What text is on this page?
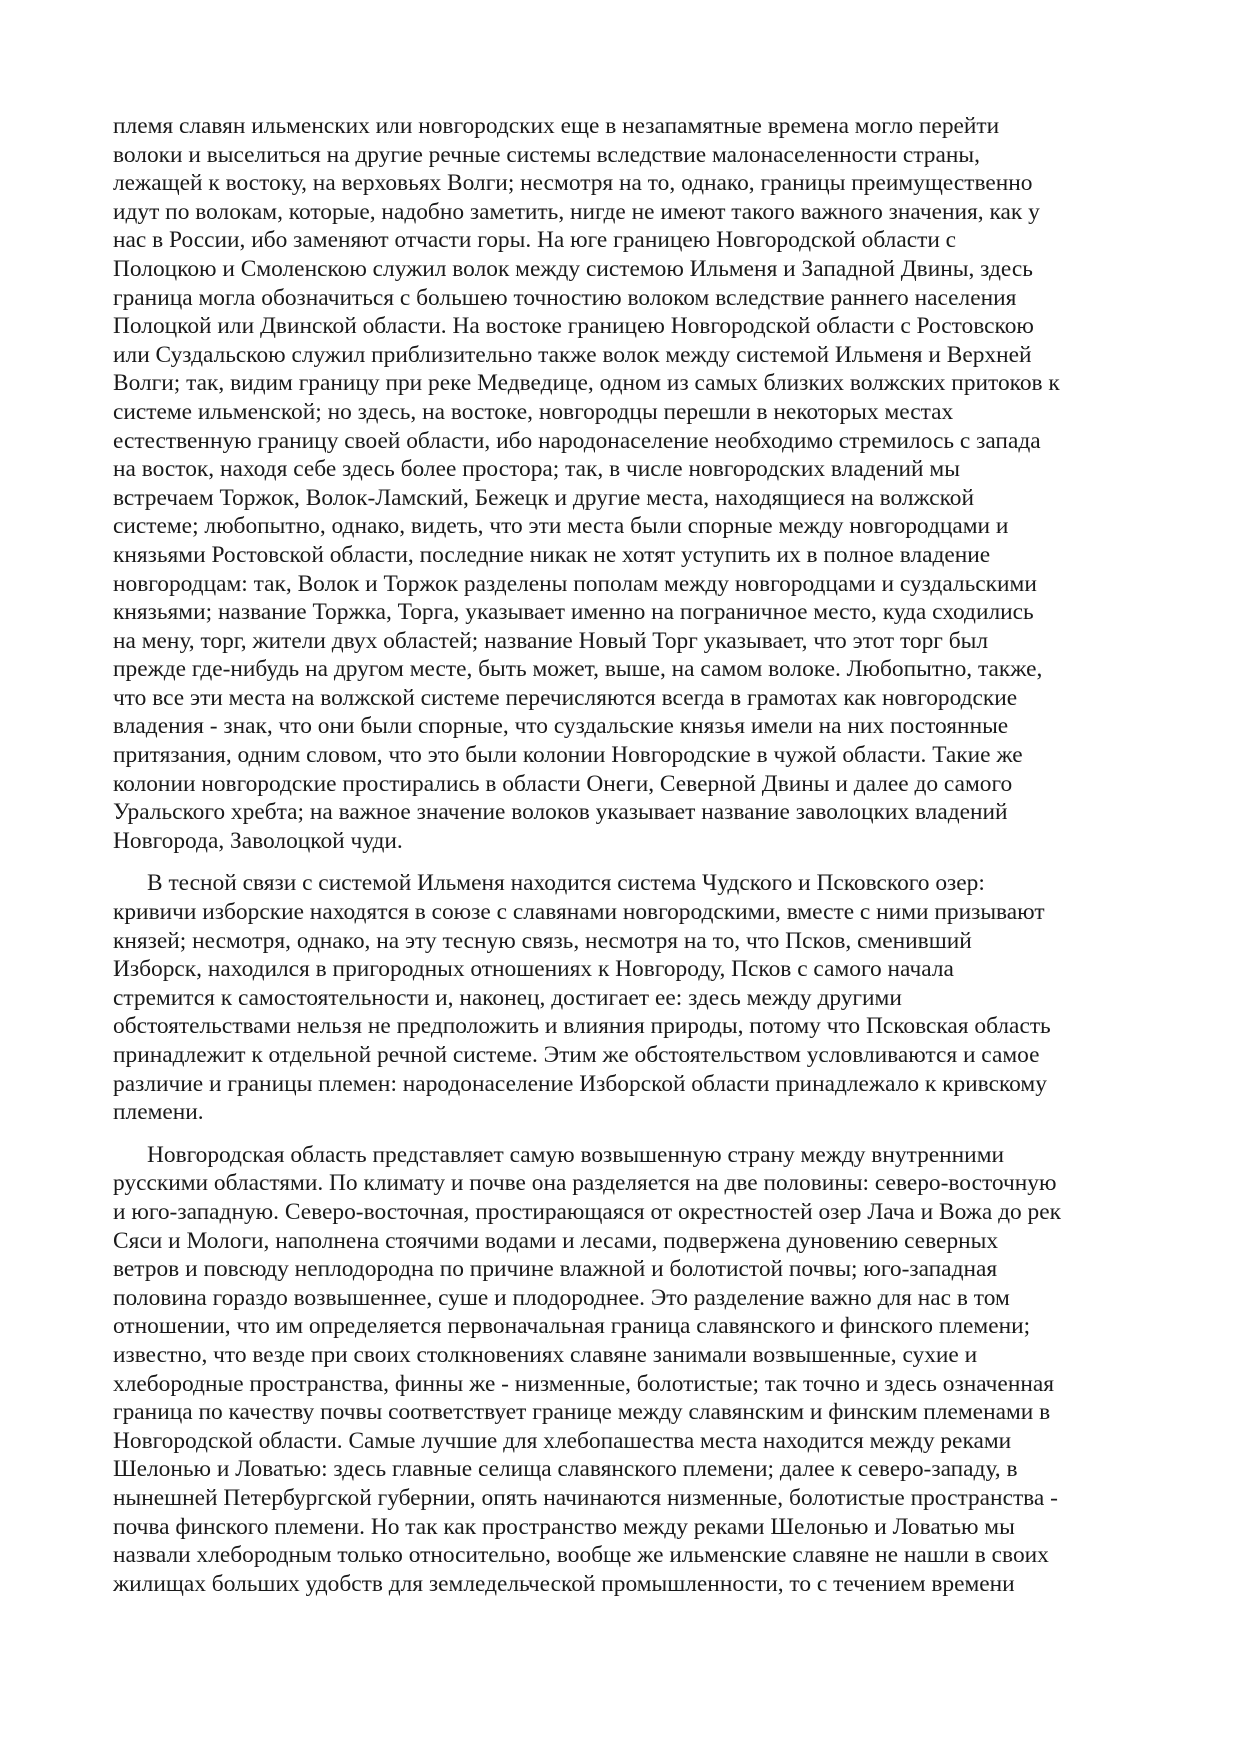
племя славян ильменских или новгородских еще в незапамятные времена могло перейти
волоки и выселиться на другие речные системы вследствие малонаселенности страны,
лежащей к востоку, на верховьях Волги; несмотря на то, однако, границы преимущественно
идут по волокам, которые, надобно заметить, нигде не имеют такого важного значения, как у
нас в России, ибо заменяют отчасти горы. На юге границею Новгородской области с
Полоцкою и Смоленскою служил волок между системою Ильменя и Западной Двины, здесь
граница могла обозначиться с большею точностию волоком вследствие раннего населения
Полоцкой или Двинской области. На востоке границею Новгородской области с Ростовскою
или Суздальскою служил приблизительно также волок между системой Ильменя и Верхней
Волги; так, видим границу при реке Медведице, одном из самых близких волжских притоков к
системе ильменской; но здесь, на востоке, новгородцы перешли в некоторых местах
естественную границу своей области, ибо народонаселение необходимо стремилось с запада
на восток, находя себе здесь более простора; так, в числе новгородских владений мы
встречаем Торжок, Волок-Ламский, Бежецк и другие места, находящиеся на волжской
системе; любопытно, однако, видеть, что эти места были спорные между новгородцами и
князьями Ростовской области, последние никак не хотят уступить их в полное владение
новгородцам: так, Волок и Торжок разделены пополам между новгородцами и суздальскими
князьями; название Торжка, Торга, указывает именно на пограничное место, куда сходились
на мену, торг, жители двух областей; название Новый Торг указывает, что этот торг был
прежде где-нибудь на другом месте, быть может, выше, на самом волоке. Любопытно, также,
что все эти места на волжской системе перечисляются всегда в грамотах как новгородские
владения - знак, что они были спорные, что суздальские князья имели на них постоянные
притязания, одним словом, что это были колонии Новгородские в чужой области. Такие же
колонии новгородские простирались в области Онеги, Северной Двины и далее до самого
Уральского хребта; на важное значение волоков указывает название заволоцких владений
Новгорода, Заволоцкой чуди.
В тесной связи с системой Ильменя находится система Чудского и Псковского озер:
кривичи изборские находятся в союзе с славянами новгородскими, вместе с ними призывают
князей; несмотря, однако, на эту тесную связь, несмотря на то, что Псков, сменивший
Изборск, находился в пригородных отношениях к Новгороду, Псков с самого начала
стремится к самостоятельности и, наконец, достигает ее: здесь между другими
обстоятельствами нельзя не предположить и влияния природы, потому что Псковская область
принадлежит к отдельной речной системе. Этим же обстоятельством условливаются и самое
различие и границы племен: народонаселение Изборской области принадлежало к кривскому
племени.
Новгородская область представляет самую возвышенную страну между внутренними
русскими областями. По климату и почве она разделяется на две половины: северо-восточную
и юго-западную. Северо-восточная, простирающаяся от окрестностей озер Лача и Вожа до рек
Сяси и Мологи, наполнена стоячими водами и лесами, подвержена дуновению северных
ветров и повсюду неплодородна по причине влажной и болотистой почвы; юго-западная
половина гораздо возвышеннее, суше и плодороднее. Это разделение важно для нас в том
отношении, что им определяется первоначальная граница славянского и финского племени;
известно, что везде при своих столкновениях славяне занимали возвышенные, сухие и
хлебородные пространства, финны же - низменные, болотистые; так точно и здесь означенная
граница по качеству почвы соответствует границе между славянским и финским племенами в
Новгородской области. Самые лучшие для хлебопашества места находится между реками
Шелонью и Ловатью: здесь главные селища славянского племени; далее к северо-западу, в
нынешней Петербургской губернии, опять начинаются низменные, болотистые пространства -
почва финского племени. Но так как пространство между реками Шелонью и Ловатью мы
назвали хлебородным только относительно, вообще же ильменские славяне не нашли в своих
жилищах больших удобств для земледельческой промышленности, то с течением времени
